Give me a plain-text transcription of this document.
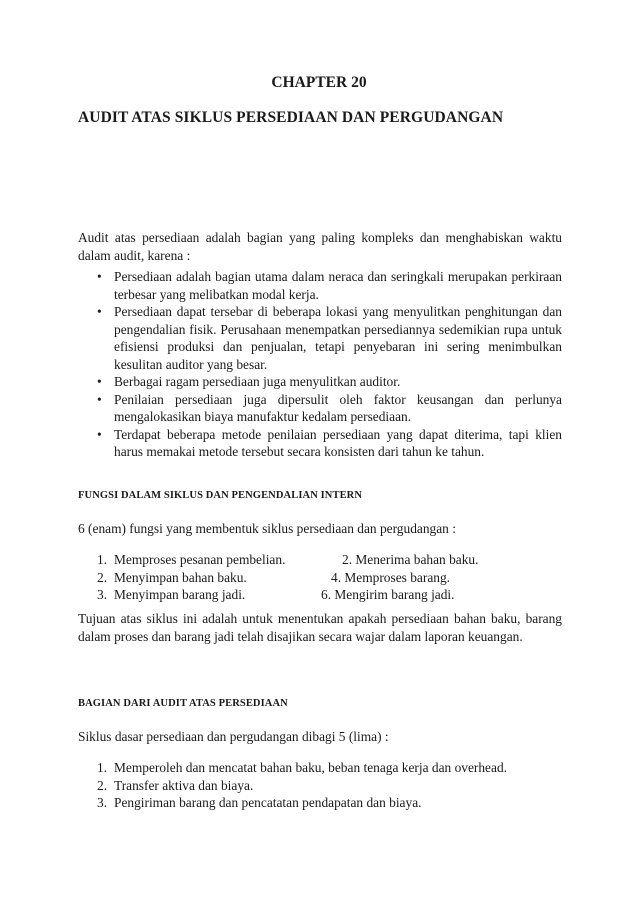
CHAPTER 20
AUDIT ATAS SIKLUS PERSEDIAAN DAN PERGUDANGAN
Audit atas persediaan adalah bagian yang paling kompleks dan menghabiskan waktu dalam audit, karena :
• Persediaan adalah bagian utama dalam neraca dan seringkali merupakan perkiraan terbesar yang melibatkan modal kerja.
• Persediaan dapat tersebar di beberapa lokasi yang menyulitkan penghitungan dan pengendalian fisik. Perusahaan menempatkan persediannya sedemikian rupa untuk efisiensi produksi dan penjualan, tetapi penyebaran ini sering menimbulkan kesulitan auditor yang besar.
• Berbagai ragam persediaan juga menyulitkan auditor.
• Penilaian persediaan juga dipersulit oleh faktor keusangan dan perlunya mengalokasikan biaya manufaktur kedalam persediaan.
• Terdapat beberapa metode penilaian persediaan yang dapat diterima, tapi klien harus memakai metode tersebut secara konsisten dari tahun ke tahun.
FUNGSI DALAM SIKLUS DAN PENGENDALIAN INTERN
6 (enam) fungsi yang membentuk siklus persediaan dan pergudangan :
1. Memproses pesanan pembelian.	2. Menerima bahan baku.
2. Menyimpan bahan baku.	4. Memproses barang.
3. Menyimpan barang jadi.	6. Mengirim barang jadi.
Tujuan atas siklus ini adalah untuk menentukan apakah persediaan bahan baku, barang dalam proses dan barang jadi telah disajikan secara wajar dalam laporan keuangan.
BAGIAN DARI AUDIT ATAS PERSEDIAAN
Siklus dasar persediaan dan pergudangan dibagi 5 (lima) :
1. Memperoleh dan mencatat bahan baku, beban tenaga kerja dan overhead.
2. Transfer aktiva dan biaya.
3. Pengiriman barang dan pencatatan pendapatan dan biaya.
